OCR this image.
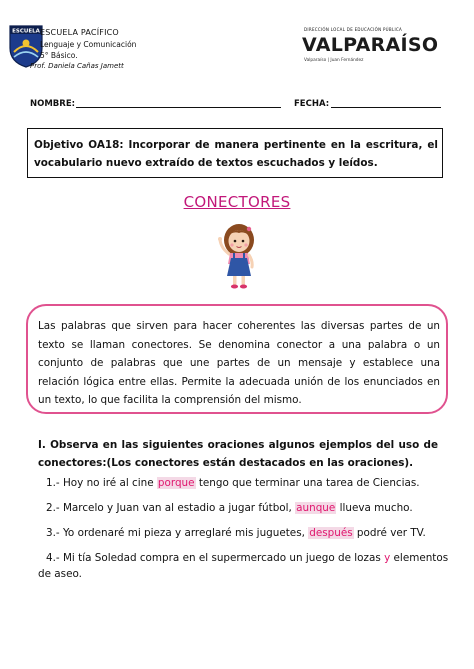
ESCUELA ESCUELA PACÍFICO
Lenguaje y Comunicación
5° Básico.
Prof. Daniela Cañas Jamett
DIRECCIÓN LOCAL DE EDUCACIÓN PÚBLICA
VALPARAÍSO
Valparaíso | Juan Fernández
NOMBRE:	FECHA:
Objetivo OA18: Incorporar de manera pertinente en la escritura, el vocabulario nuevo extraído de textos escuchados y leídos.
CONECTORES
Las palabras que sirven para hacer coherentes las diversas partes de un texto se llaman conectores. Se denomina conector a una palabra o un conjunto de palabras que une partes de un mensaje y establece una relación lógica entre ellas. Permite la adecuada unión de los enunciados en un texto, lo que facilita la comprensión del mismo.
I. Observa en las siguientes oraciones algunos ejemplos del uso de conectores:(Los conectores están destacados en las oraciones).
1.- Hoy no iré al cine porque tengo que terminar una tarea de Ciencias.
2.- Marcelo y Juan van al estadio a jugar fútbol, aunque llueva mucho.
3.- Yo ordenaré mi pieza y arreglaré mis juguetes, después podré ver TV.
4.- Mi tía Soledad compra en el supermercado un juego de lozas y elementos
de aseo.
